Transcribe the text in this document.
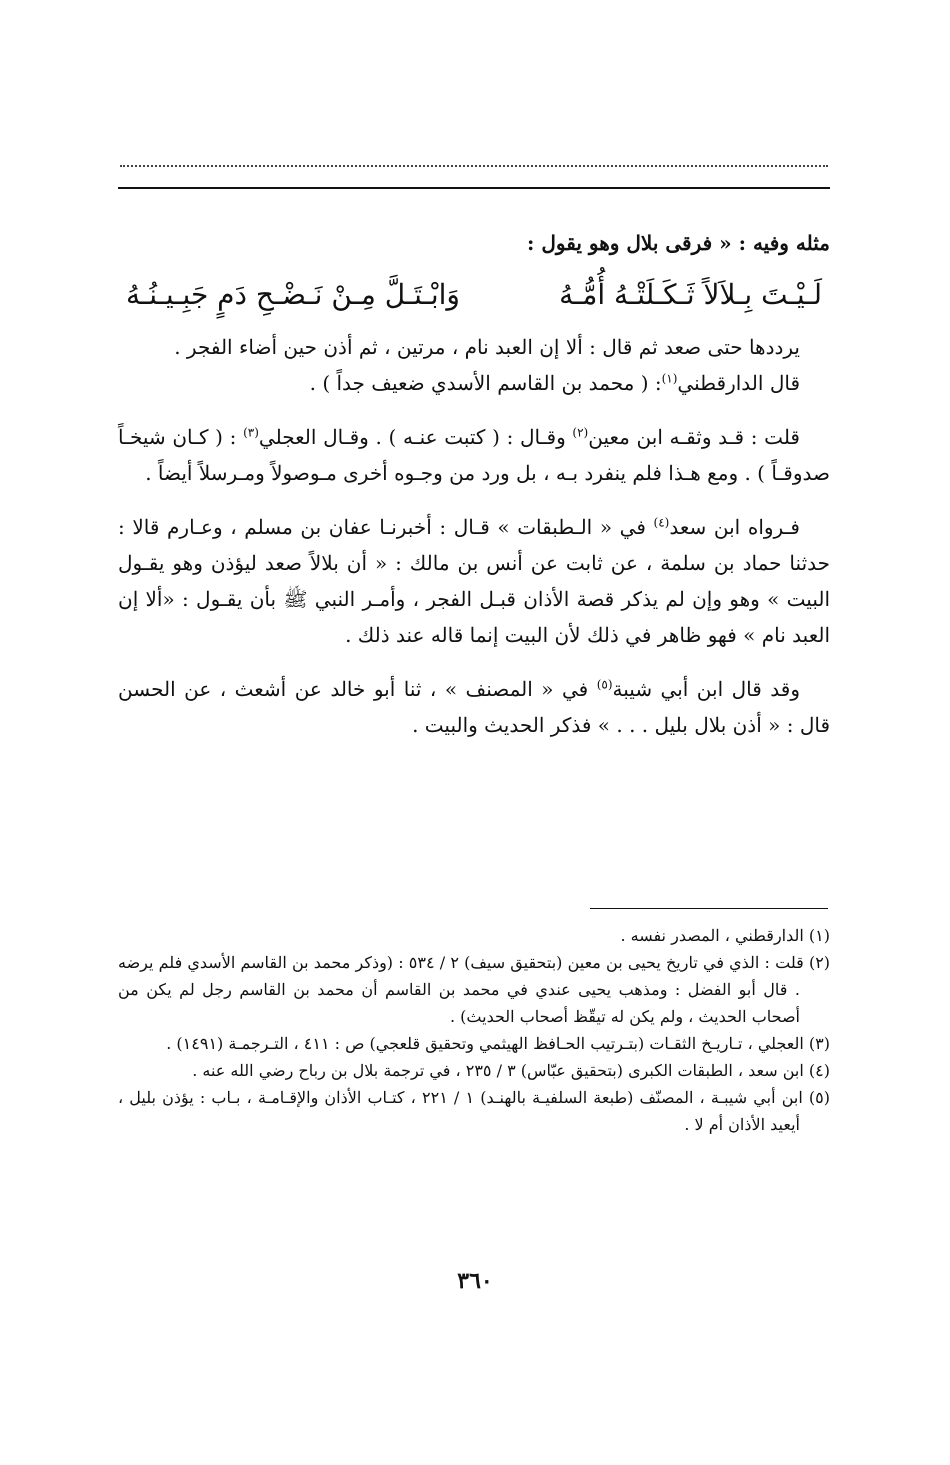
مثله وفيه : « فرقى بلال وهو يقول :

لَـيْـتَ بِـلاَلاً ثَـكَـلَتْـهُ أُمُّـهُ
وَابْـتَـلَّ مِـنْ نَـضْـحِ دَمٍ جَبِـيـنُـهُ

يرددها حتى صعد ثم قال : ألا إن العبد نام ، مرتين ، ثم أذن حين أضاء الفجر .

قال الدارقطني$^{(١)}$: ( محمد بن القاسم الأسدي ضعيف جداً ) .

قلت : قـد وثقـه ابن معين$^{(٢)}$ وقـال : ( كتبت عنـه ) . وقـال العجلي$^{(٣)}$ : ( كـان شيخـاً صدوقـاً ) . ومع هـذا فلم ينفرد بـه ، بل ورد من وجـوه أخرى مـوصولاً ومـرسلاً أيضاً .

فـرواه ابن سعد$^{(٤)}$ في « الـطبقات » قـال : أخبرنـا عفان بن مسلم ، وعـارم قالا : حدثنا حماد بن سلمة ، عن ثابت عن أنس بن مالك : « أن بلالاً صعد ليؤذن وهو يقـول البيت » وهو وإن لم يذكر قصة الأذان قبـل الفجر ، وأمـر النبي ﷺ بأن يقـول : «ألا إن العبد نام » فهو ظاهر في ذلك لأن البيت إنما قاله عند ذلك .

وقد قال ابن أبي شيبة$^{(٥)}$ في « المصنف » ، ثنا أبو خالد عن أشعث ، عن الحسن قال : « أذن بلال بليل . . . » فذكر الحديث والبيت .

(١) الدارقطني ، المصدر نفسه .

(٢) قلت : الذي في تاريخ يحيى بن معين (بتحقيق سيف) ٢ / ٥٣٤ : (وذكر محمد بن القاسم الأسدي فلم يرضه . قال أبو الفضل : ومذهب يحيى عندي في محمد بن القاسم أن محمد بن القاسم رجل لم يكن من أصحاب الحديث ، ولم يكن له تيقّظ أصحاب الحديث) .

(٣) العجلي ، تـاريـخ الثقـات (بتـرتيب الحـافظ الهيثمي وتحقيق قلعجي) ص : ٤١١ ، التـرجمـة (١٤٩١) .

(٤) ابن سعد ، الطبقات الكبرى (بتحقيق عبّاس) ٣ / ٢٣٥ ، في ترجمة بلال بن رباح رضي الله عنه .

(٥) ابن أبي شيبـة ، المصنّف (طبعة السلفيـة بالهنـد) ١ / ٢٢١ ، كتـاب الأذان والإقـامـة ، بـاب : يؤذن بليل ، أيعيد الأذان أم لا .

٣٦٠
